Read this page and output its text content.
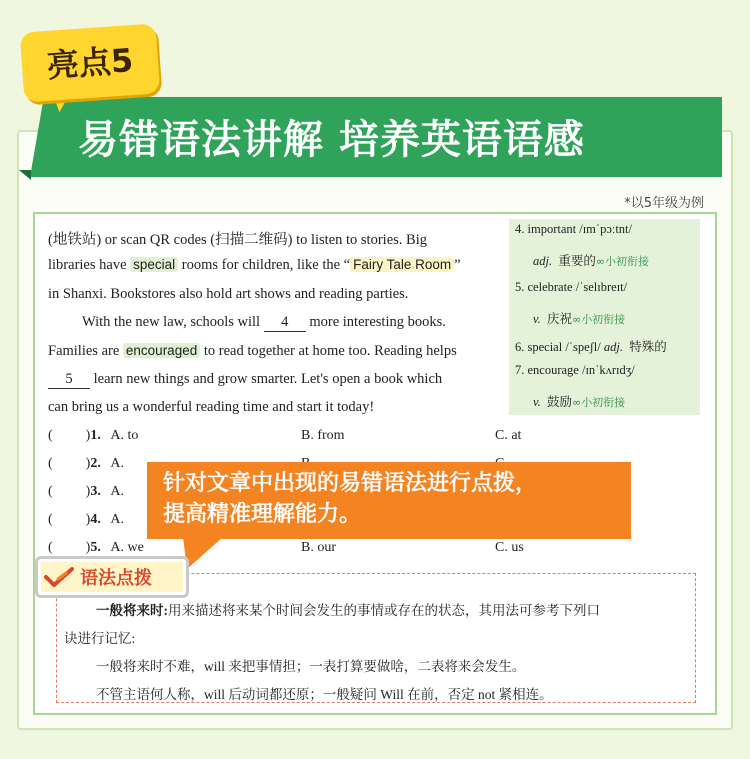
易错语法讲解 培养英语语感
亮点5
*以5年级为例
(地铁站) or scan QR codes (扫描二维码) to listen to stories. Big
libraries have special rooms for children, like the “ Fairy Tale Room ”
in Shanxi. Bookstores also hold art shows and reading parties.
With the new law, schools will 4 more interesting books.
Families are encouraged to read together at home too. Reading helps
5 learn new things and grow smarter. Let's open a book which
can bring us a wonderful reading time and start it today!
4. important /ɪmˈpɔːtnt/
adj. 重要的∞小初衔接
5. celebrate /ˈselɪbreɪt/
v. 庆祝∞小初衔接
6. special /ˈspeʃl/ adj. 特殊的
7. encourage /ɪnˈkʌrɪdʒ/
v. 鼓励∞小初衔接
( )1. A. to	B. from	C. at
( )2. A.
( )3. A.
( )4. A.
( )5. A. we	B. our	C. us
针对文章中出现的易错语法进行点拨，
提高精准理解能力。
一般将来时:用来描述将来某个时间会发生的事情或存在的状态，其用法可参考下列口
诀进行记忆:
一般将来时不难，will 来把事情担；一表打算要做啥，二表将来会发生。
不管主语何人称，will 后动词都还原；一般疑问 Will 在前，否定 not 紧相连。
语法点拨
